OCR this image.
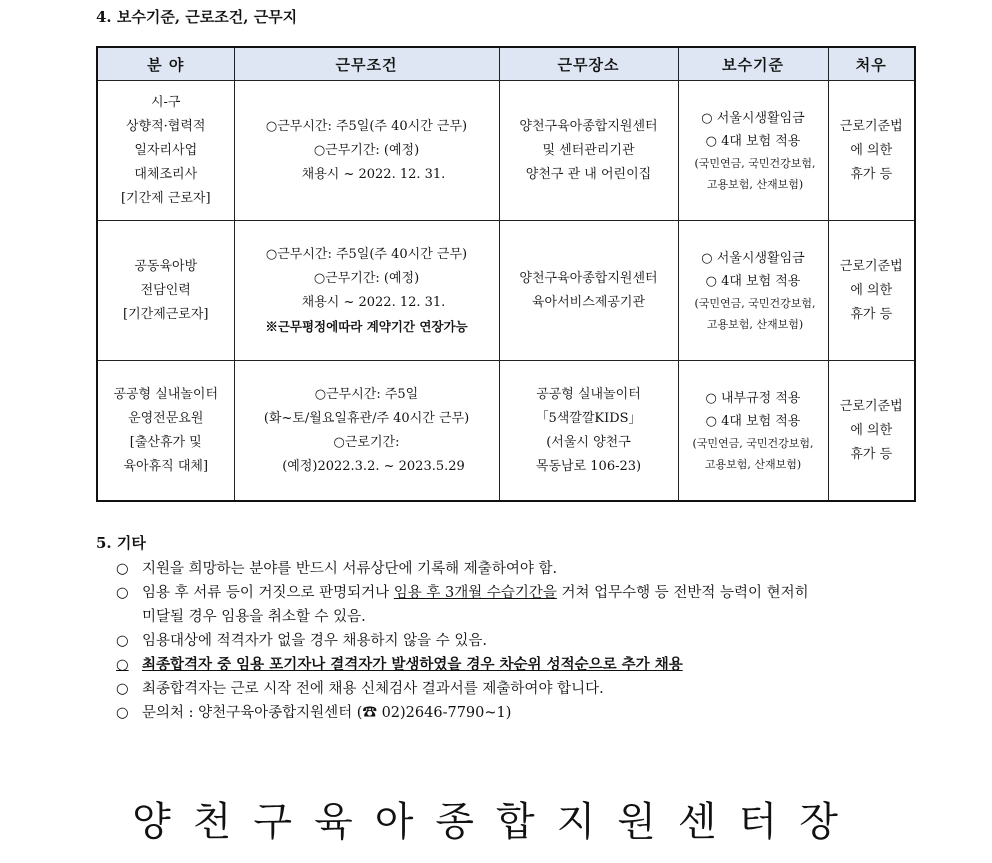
4. 보수기준, 근로조건, 근무지
분 야	근무조건	근무장소	보수기준	처우

시-구
상향적·협력적
일자리사업
대체조리사
[기간제 근로자]	○근무시간: 주5일(주 40시간 근무)
○근무기간: (예정)
채용시 ~ 2022. 12. 31.	양천구육아종합지원센터
및 센터관리기관
양천구 관 내 어린이집	○ 서울시생활임금
○ 4대 보험 적용
(국민연금, 국민건강보험,
고용보험, 산재보험)	근로기준법
에 의한
휴가 등

공동육아방
전담인력
[기간제근로자]	○근무시간: 주5일(주 40시간 근무)
○근무기간: (예정)
채용시 ~ 2022. 12. 31.
※근무평정에따라 계약기간 연장가능	양천구육아종합지원센터
육아서비스제공기관	○ 서울시생활임금
○ 4대 보험 적용
(국민연금, 국민건강보험,
고용보험, 산재보험)	근로기준법
에 의한
휴가 등

공공형 실내놀이터
운영전문요원
[출산휴가 및
육아휴직 대체]	○근무시간: 주5일
(화~토/월요일휴관/주 40시간 근무)
○근로기간:
(예정)2022.3.2. ~ 2023.5.29	공공형 실내놀이터
「5색깔깔KIDS」
(서울시 양천구
목동남로 106-23)	○ 내부규정 적용
○ 4대 보험 적용
(국민연금, 국민건강보험,
고용보험, 산재보험)	근로기준법
에 의한
휴가 등
5. 기타
○ 지원을 희망하는 분야를 반드시 서류상단에 기록해 제출하여야 함.
○ 임용 후 서류 등이 거짓으로 판명되거나 임용 후 3개월 수습기간을 거쳐 업무수행 등 전반적 능력이 현저히
미달될 경우 임용을 취소할 수 있음.
○ 임용대상에 적격자가 없을 경우 채용하지 않을 수 있음.
○ 최종합격자 중 임용 포기자나 결격자가 발생하였을 경우 차순위 성적순으로 추가 채용
○ 최종합격자는 근로 시작 전에 채용 신체검사 결과서를 제출하여야 합니다.
○ 문의처 : 양천구육아종합지원센터 (☎ 02)2646-7790~1)
양천구육아종합지원센터장
